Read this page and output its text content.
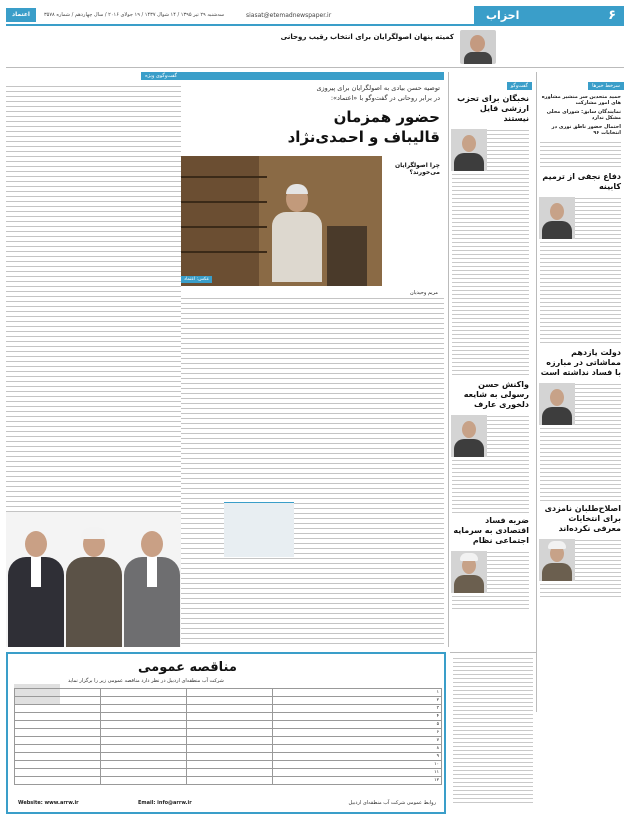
۶
احزاب
siasat@etemadnewspaper.ir
سه‌شنبه ۲۹ تیر ۱۳۹۵ / ۱۴ شوال ۱۴۳۷ / ۱۹ جولای ۲۰۱۶ / سال چهاردهم / شماره ۳۵۷۸
اعتماد
کمیته پنهان اصولگرایان برای انتخاب رقیب روحانی
سرخط خبرها
حمید متحدین سر منشیر مشاوره های امور مشارکت
نمایندگان سابق: شورای محلی مشکل ندارد
احتمال حضور ناطق نوری در انتخابات ۹۶
دفاع نجفی از ترمیم کابینه
دولت یازدهم مماشاتی در مبارزه با فساد نداشته است
اصلاح‌طلبان نامزدی برای انتخابات معرفی نکرده‌اند
گفت‌وگو
نخبگان برای تحزب ارزشی قایل نیستند
واکنش حسن رسولی به شایعه دلخوری عارف
ضربه فساد اقتصادی به سرمایه اجتماعی نظام
توصیه حسن بیادی به اصولگرایان برای پیروزی
در برابر روحانی در گفت‌وگو با «اعتماد»:
حضور همزمان
قالیباف و احمدی‌نژاد
چرا اصولگرایان می‌خورند؟
عکس: اعتماد
مریم وحیدیان
گفت‌وگوی ویژه
مناقصه عمومی
شرکت آب منطقه‌ای اردبیل در نظر دارد مناقصه عمومی زیر را برگزار نماید
۱			
۲			
۳			
۴			
۵			
۶			
۷			
۸			
۹			
۱۰			
۱۱			
۱۲			
Website: www.arrw.ir	Email: info@arrw.ir	روابط عمومی شرکت آب منطقه‌ای اردبیل
